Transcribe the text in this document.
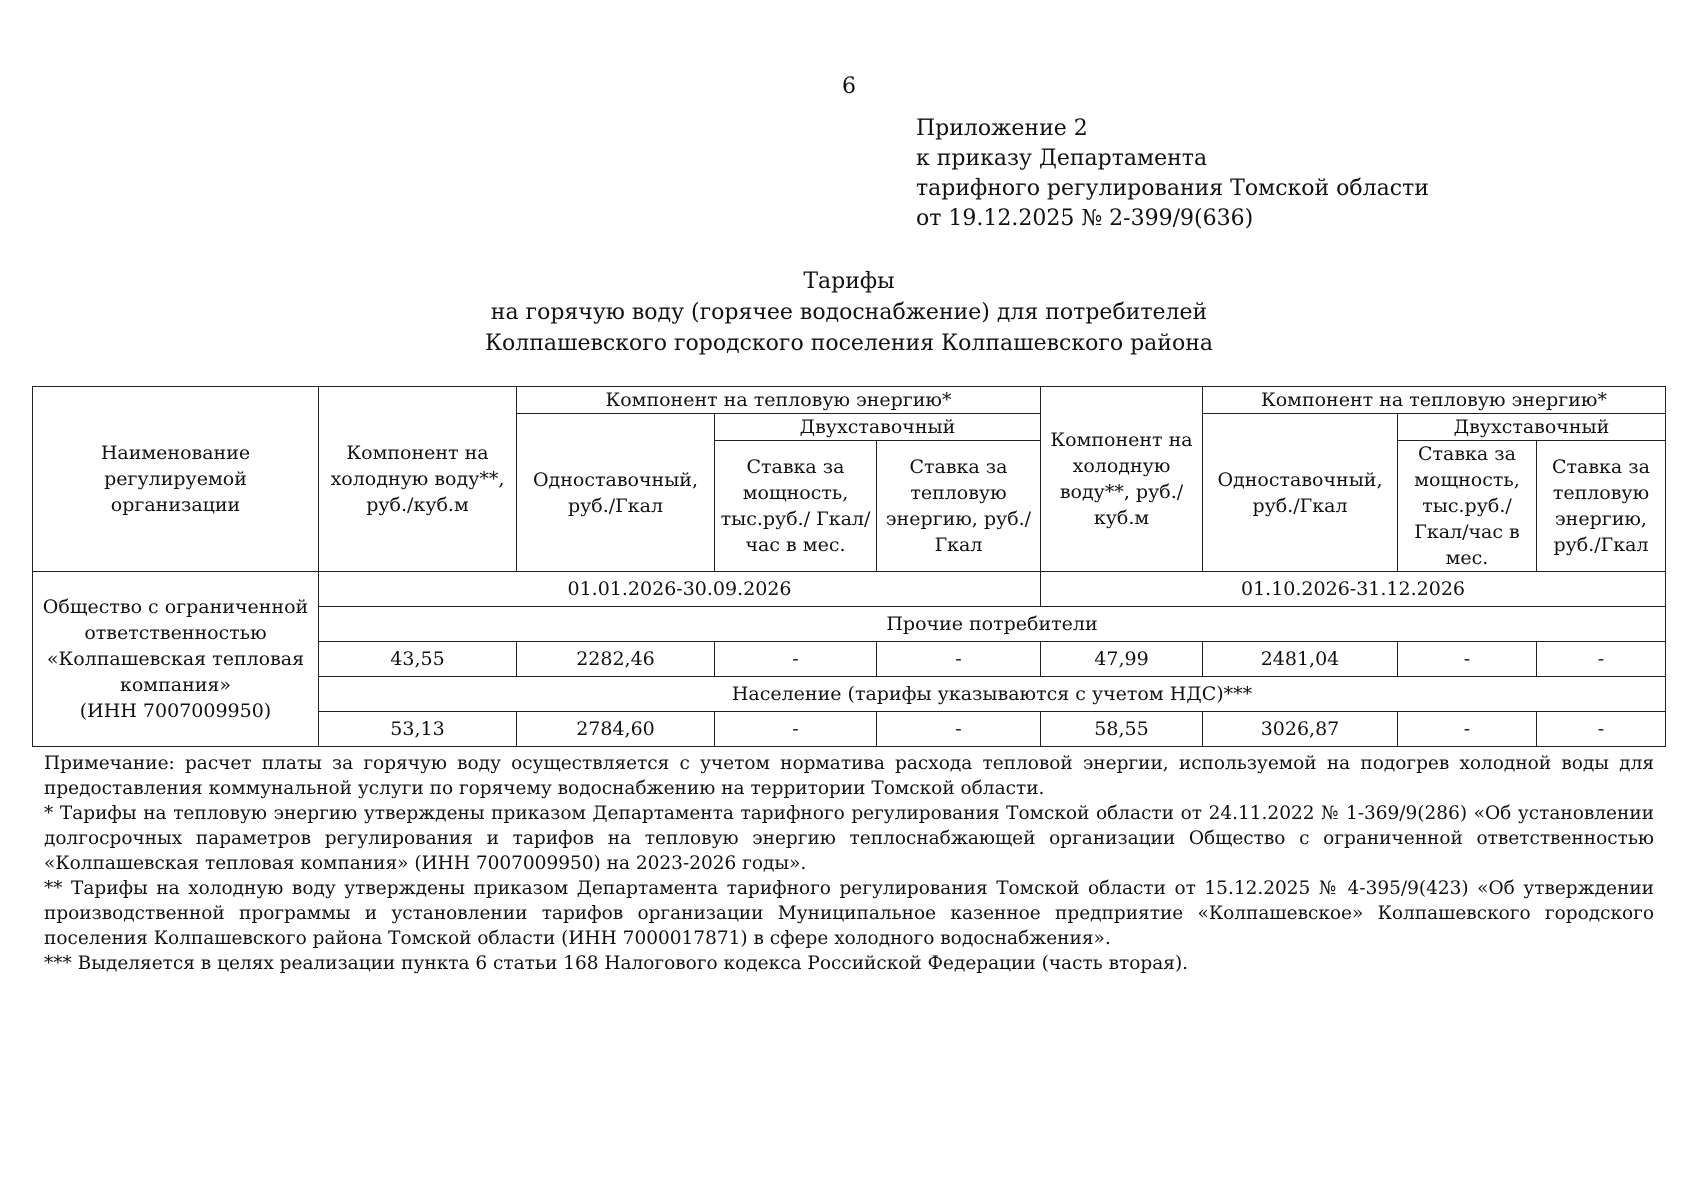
6
Приложение 2
к приказу Департамента
тарифного регулирования Томской области
от 19.12.2025 № 2-399/9(636)
Тарифы
на горячую воду (горячее водоснабжение) для потребителей
Колпашевского городского поселения Колпашевского района
Наименование регулируемой организации	Компонент на холодную воду**, руб./куб.м	Компонент на тепловую энергию*			Компонент на холодную воду**, руб./куб.м	Компонент на тепловую энергию*		
		Одноставочный, руб./Гкал	Двухставочный			Одноставочный, руб./Гкал	Двухставочный	
			Ставка за мощность, тыс.руб./ Гкал/час в мес.	Ставка за тепловую энергию, руб./Гкал			Ставка за мощность, тыс.руб./ Гкал/час в мес.	Ставка за тепловую энергию, руб./Гкал

Общество с ограниченной
ответственностью
«Колпашевская тепловая
компания»
(ИНН 7007009950)	01.01.2026-30.09.2026				01.10.2026-31.12.2026			
	Прочие потребители							
	43,55	2282,46	-	-	47,99	2481,04	-	-
	Население (тарифы указываются с учетом НДС)***							
	53,13	2784,60	-	-	58,55	3026,87	-	-

Примечание: расчет платы за горячую воду осуществляется с учетом норматива расхода тепловой энергии, используемой на подогрев холодной воды для предоставления коммунальной услуги по горячему водоснабжению на территории Томской области.

* Тарифы на тепловую энергию утверждены приказом Департамента тарифного регулирования Томской области от 24.11.2022 № 1-369/9(286) «Об установлении долгосрочных параметров регулирования и тарифов на тепловую энергию теплоснабжающей организации Общество с ограниченной ответственностью «Колпашевская тепловая компания» (ИНН 7007009950) на 2023-2026 годы».

** Тарифы на холодную воду утверждены приказом Департамента тарифного регулирования Томской области от 15.12.2025 № 4-395/9(423) «Об утверждении производственной программы и установлении тарифов организации Муниципальное казенное предприятие «Колпашевское» Колпашевского городского поселения Колпашевского района Томской области (ИНН 7000017871) в сфере холодного водоснабжения».

*** Выделяется в целях реализации пункта 6 статьи 168 Налогового кодекса Российской Федерации (часть вторая).
